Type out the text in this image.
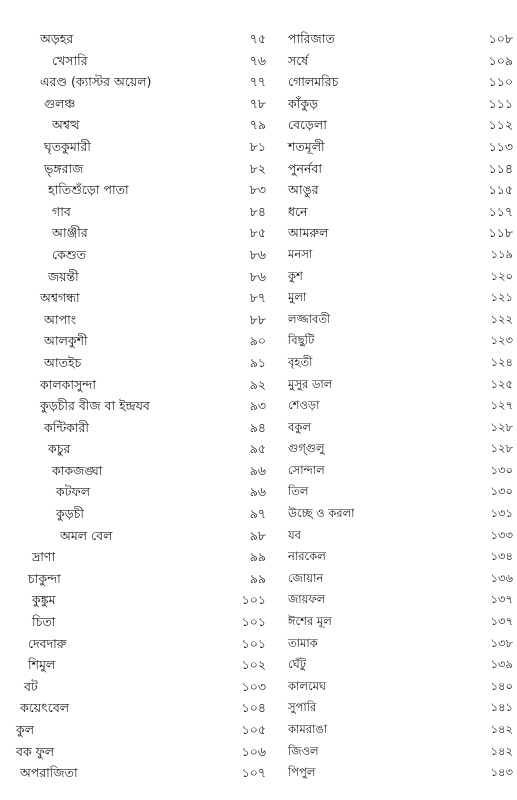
অড়হর	৭৫
খেসারি	৭৬
এরণ্ড (ক্যাস্টর অয়েল)	৭৭
গুলঞ্চ	৭৮
অশ্বত্থ	৭৯
ঘৃতকুমারী	৮১
ভৃঙ্গরাজ	৮২
হাতিশুঁড়ো পাতা	৮৩
গাব	৮৪
আঞ্জীর	৮৫
কেশুত	৮৬
জয়ন্তী	৮৬
অশ্বগন্ধা	৮৭
আপাং	৮৮
আলকুশী	৯০
আতইচ	৯১
কালকাসুন্দা	৯২
কুড়চীর বীজ বা ইন্দ্রযব	৯৩
কন্টিকারী	৯৪
কচুর	৯৫
কাকজঙ্ঘা	৯৬
কটফল	৯৬
কুড়চী	৯৭
অমল বেল	৯৮
দ্রাণা	৯৯
চাকুন্দা	৯৯
কুঙ্কুম	১০১
চিতা	১০১
দেবদারু	১০১
শিমুল	১০২
বট	১০৩
কয়েৎবেল	১০৪
কুল	১০৫
বক ফুল	১০৬
অপরাজিতা	১০৭
পারিজাত	১০৮
সর্ষে	১০৯
গোলমরিচ	১১০
কাঁকুড়	১১১
বেড়েলা	১১২
শতমূলী	১১৩
পুনর্নবা	১১৪
আঙুর	১১৫
ধনে	১১৭
আমরুল	১১৮
মনসা	১১৯
কুশ	১২০
মুলা	১২১
লজ্জাবতী	১২২
বিছুটি	১২৩
বৃহতী	১২৪
মুসুর ডাল	১২৫
শেওড়া	১২৭
বকুল	১২৮
গুগ্গুলু	১২৮
সোন্দাল	১৩০
তিল	১৩০
উচ্ছে ও করলা	১৩১
যব	১৩৩
নারকেল	১৩৪
জোয়ান	১৩৬
জায়ফল	১৩৭
ঈশের মূল	১৩৭
তামাক	১৩৮
ঘেঁটু	১৩৯
কালমেঘ	১৪০
সুপারি	১৪১
কামরাঙা	১৪২
জিওল	১৪২
পিপুল	১৪৩
